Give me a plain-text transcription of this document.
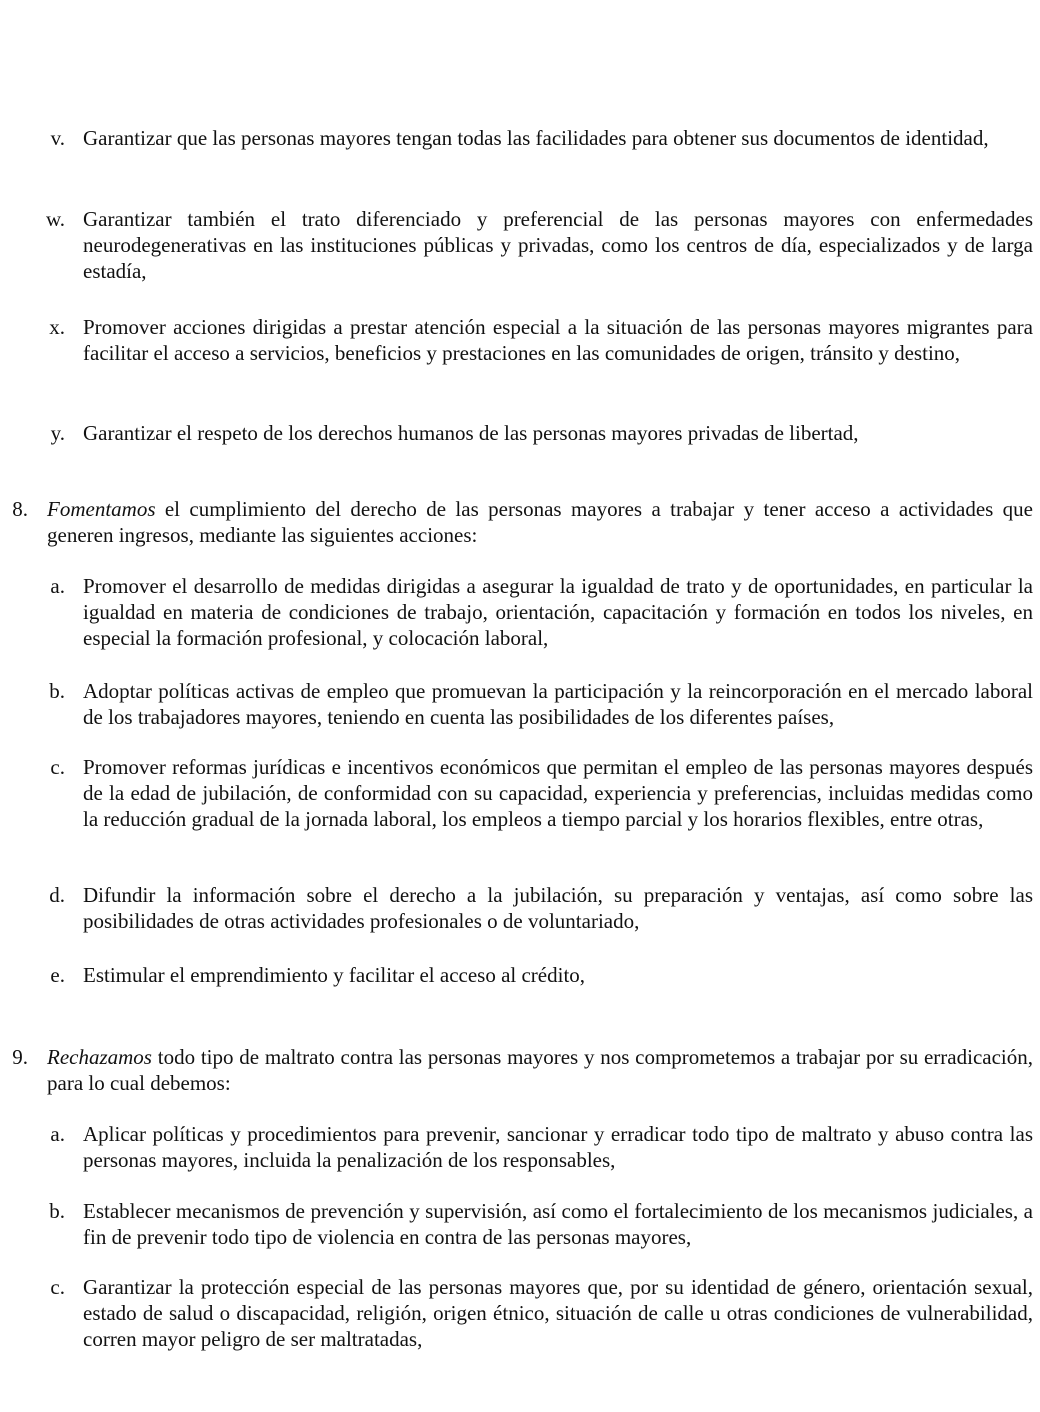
v. Garantizar que las personas mayores tengan todas las facilidades para obtener sus documentos de identidad,
w. Garantizar también el trato diferenciado y preferencial de las personas mayores con enfermedades neurodegenerativas en las instituciones públicas y privadas, como los centros de día, especializados y de larga estadía,
x. Promover acciones dirigidas a prestar atención especial a la situación de las personas mayores migrantes para facilitar el acceso a servicios, beneficios y prestaciones en las comunidades de origen, tránsito y destino,
y. Garantizar el respeto de los derechos humanos de las personas mayores privadas de libertad,
8. Fomentamos el cumplimiento del derecho de las personas mayores a trabajar y tener acceso a actividades que generen ingresos, mediante las siguientes acciones:
a. Promover el desarrollo de medidas dirigidas a asegurar la igualdad de trato y de oportunidades, en particular la igualdad en materia de condiciones de trabajo, orientación, capacitación y formación en todos los niveles, en especial la formación profesional, y colocación laboral,
b. Adoptar políticas activas de empleo que promuevan la participación y la reincorporación en el mercado laboral de los trabajadores mayores, teniendo en cuenta las posibilidades de los diferentes países,
c. Promover reformas jurídicas e incentivos económicos que permitan el empleo de las personas mayores después de la edad de jubilación, de conformidad con su capacidad, experiencia y preferencias, incluidas medidas como la reducción gradual de la jornada laboral, los empleos a tiempo parcial y los horarios flexibles, entre otras,
d. Difundir la información sobre el derecho a la jubilación, su preparación y ventajas, así como sobre las posibilidades de otras actividades profesionales o de voluntariado,
e. Estimular el emprendimiento y facilitar el acceso al crédito,
9. Rechazamos todo tipo de maltrato contra las personas mayores y nos comprometemos a trabajar por su erradicación, para lo cual debemos:
a. Aplicar políticas y procedimientos para prevenir, sancionar y erradicar todo tipo de maltrato y abuso contra las personas mayores, incluida la penalización de los responsables,
b. Establecer mecanismos de prevención y supervisión, así como el fortalecimiento de los mecanismos judiciales, a fin de prevenir todo tipo de violencia en contra de las personas mayores,
c. Garantizar la protección especial de las personas mayores que, por su identidad de género, orientación sexual, estado de salud o discapacidad, religión, origen étnico, situación de calle u otras condiciones de vulnerabilidad, corren mayor peligro de ser maltratadas,
